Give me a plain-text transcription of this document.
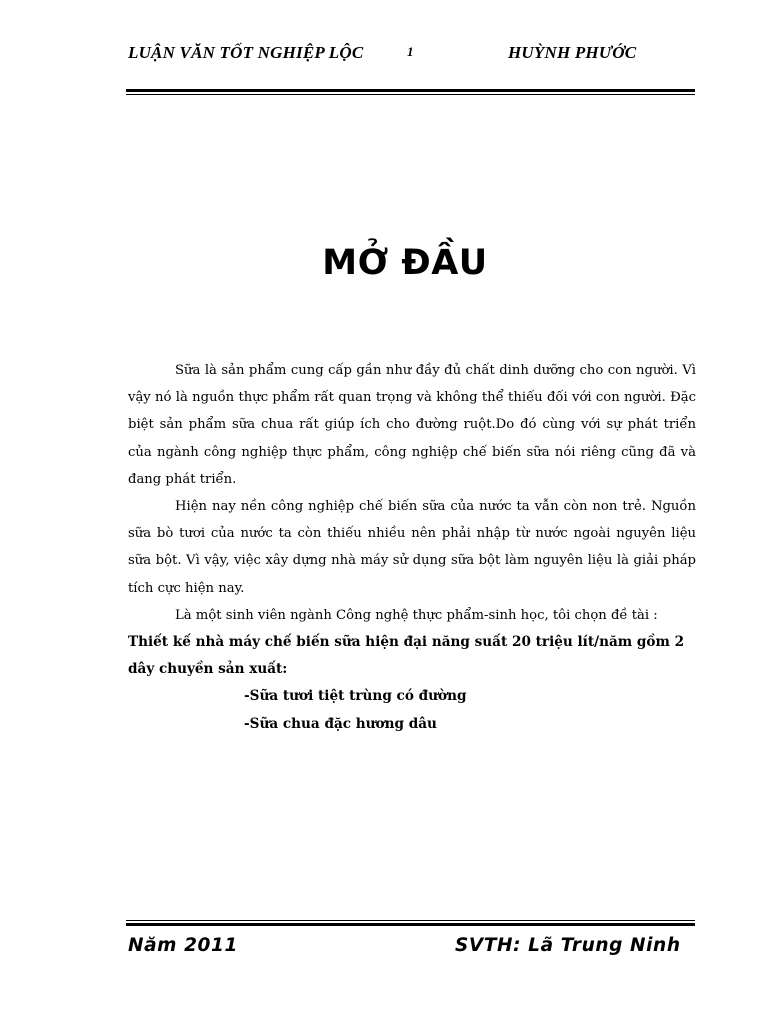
LUẬN VĂN TỐT NGHIỆP LỘC	1	HUỲNH PHƯỚC
MỞ ĐẦU

Sữa là sản phẩm cung cấp gần như đầy đủ chất dinh dưỡng cho con người. Vì vậy nó là nguồn thực phẩm rất quan trọng và không thể thiếu đối với con người. Đặc biệt sản phẩm sữa chua rất giúp ích cho đường ruột.Do đó cùng với sự phát triển của ngành công nghiệp thực phẩm, công nghiệp chế biến sữa nói riêng cũng đã và đang phát triển.

Hiện nay nền công nghiệp chế biến sữa của nước ta vẫn còn non trẻ. Nguồn sữa bò tươi của nước ta còn thiếu nhiều nên phải nhập từ nước ngoài nguyên liệu sữa bột. Vì vậy, việc xây dựng nhà máy sử dụng sữa bột làm nguyên liệu là giải pháp tích cực hiện nay.

Là một sinh viên ngành Công nghệ thực phẩm-sinh học, tôi chọn đề tài :

Thiết kế nhà máy chế biến sữa hiện đại năng suất 20 triệu lít/năm gồm 2 dây chuyền sản xuất:

-Sữa tươi tiệt trùng có đường

-Sữa chua đặc hương dâu

Năm 2011	SVTH: Lã Trung Ninh
